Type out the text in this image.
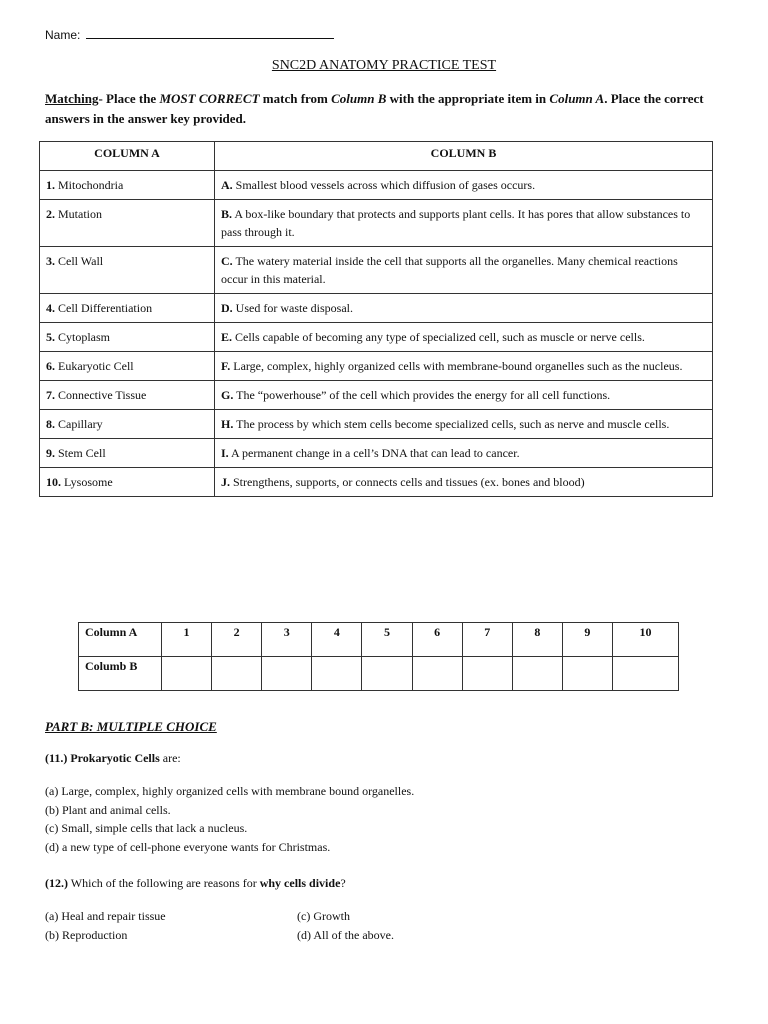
Name:
SNC2D ANATOMY PRACTICE TEST
Matching- Place the MOST CORRECT match from Column B with the appropriate item in Column A. Place the correct answers in the answer key provided.
COLUMN A	COLUMN B
1. Mitochondria	A. Smallest blood vessels across which diffusion of gases occurs.
2. Mutation	B. A box-like boundary that protects and supports plant cells. It has pores that allow substances to pass through it.
3. Cell Wall	C. The watery material inside the cell that supports all the organelles. Many chemical reactions occur in this material.
4. Cell Differentiation	D. Used for waste disposal.
5. Cytoplasm	E. Cells capable of becoming any type of specialized cell, such as muscle or nerve cells.
6. Eukaryotic Cell	F. Large, complex, highly organized cells with membrane-bound organelles such as the nucleus.
7. Connective Tissue	G. The “powerhouse” of the cell which provides the energy for all cell functions.
8. Capillary	H. The process by which stem cells become specialized cells, such as nerve and muscle cells.
9. Stem Cell	I. A permanent change in a cell’s DNA that can lead to cancer.
10. Lysosome	J. Strengthens, supports, or connects cells and tissues (ex. bones and blood)
Column A	1	2	3	4	5	6	7	8	9	10
Columb B										
PART B: MULTIPLE CHOICE
(11.) Prokaryotic Cells are:
(a) Large, complex, highly organized cells with membrane bound organelles.
(b) Plant and animal cells.
(c) Small, simple cells that lack a nucleus.
(d) a new type of cell-phone everyone wants for Christmas.
(12.) Which of the following are reasons for why cells divide?
(a) Heal and repair tissue
(b) Reproduction
(c) Growth
(d) All of the above.
